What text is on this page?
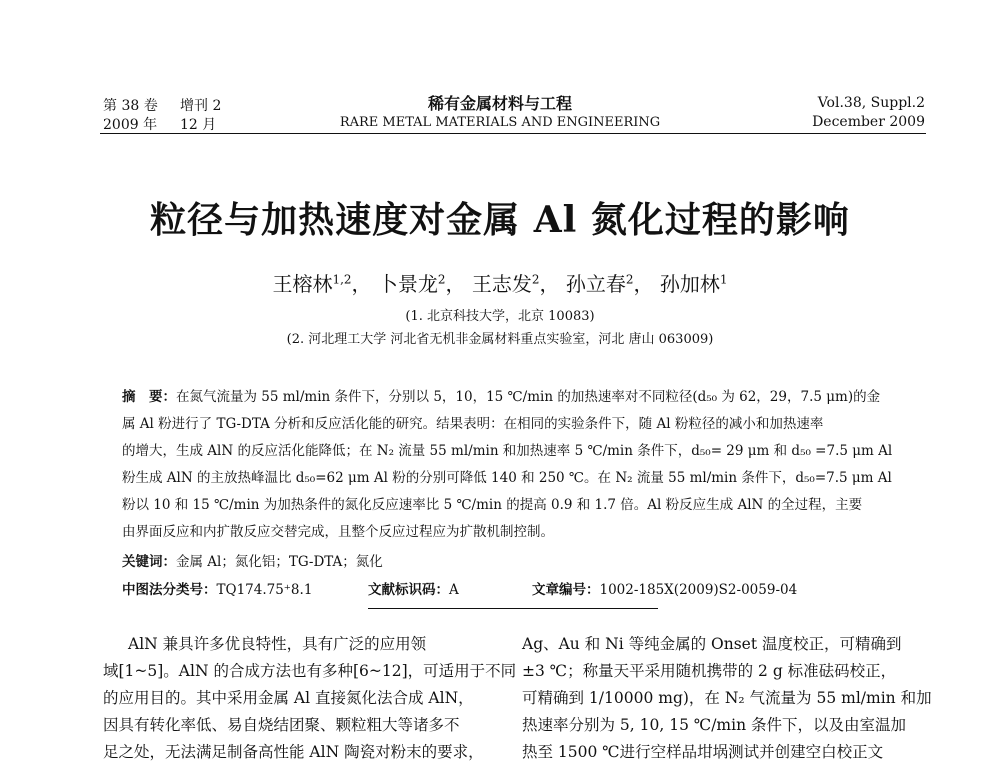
第 38 卷 增刊 2
2009 年 12 月
稀有金属材料与工程
RARE METAL MATERIALS AND ENGINEERING
Vol.38, Suppl.2
December 2009
粒径与加热速度对金属 Al 氮化过程的影响
王榕林$^{1,2}$， 卜景龙$^2$， 王志发$^2$， 孙立春$^2$， 孙加林$^1$
(1. 北京科技大学，北京 10083)
(2. 河北理工大学 河北省无机非金属材料重点实验室，河北 唐山 063009)
摘　要：在氮气流量为 55 ml/min 条件下，分别以 5，10，15 ℃/min 的加热速率对不同粒径(d₅₀ 为 62，29，7.5 μm)的金
属 Al 粉进行了 TG-DTA 分析和反应活化能的研究。结果表明：在相同的实验条件下，随 Al 粉粒径的减小和加热速率
的增大，生成 AlN 的反应活化能降低；在 N₂ 流量 55 ml/min 和加热速率 5 ℃/min 条件下，d₅₀= 29 μm 和 d₅₀ =7.5 μm Al
粉生成 AlN 的主放热峰温比 d₅₀=62 μm Al 粉的分别可降低 140 和 250 ℃。在 N₂ 流量 55 ml/min 条件下，d₅₀=7.5 μm Al
粉以 10 和 15 ℃/min 为加热条件的氮化反应速率比 5 ℃/min 的提高 0.9 和 1.7 倍。Al 粉反应生成 AlN 的全过程，主要
由界面反应和内扩散反应交替完成，且整个反应过程应为扩散机制控制。
关键词：金属 Al；氮化铝；TG-DTA；氮化
中图法分类号：TQ174.75⁺8.1	文献标识码：A	文章编号：1002-185X(2009)S2-0059-04
AlN 兼具许多优良特性，具有广泛的应用领
域[1~5]。AlN 的合成方法也有多种[6~12]，可适用于不同
的应用目的。其中采用金属 Al 直接氮化法合成 AlN，
因具有转化率低、易自烧结团聚、颗粒粗大等诸多不
足之处，无法满足制备高性能 AlN 陶瓷对粉末的要求，
Ag、Au 和 Ni 等纯金属的 Onset 温度校正，可精确到
±3 ℃；称量天平采用随机携带的 2 g 标准砝码校正，
可精确到 1/10000 mg)，在 N₂ 气流量为 55 ml/min 和加
热速率分别为 5, 10, 15 ℃/min 条件下，以及由室温加
热至 1500 ℃进行空样品坩埚测试并创建空白校正文
